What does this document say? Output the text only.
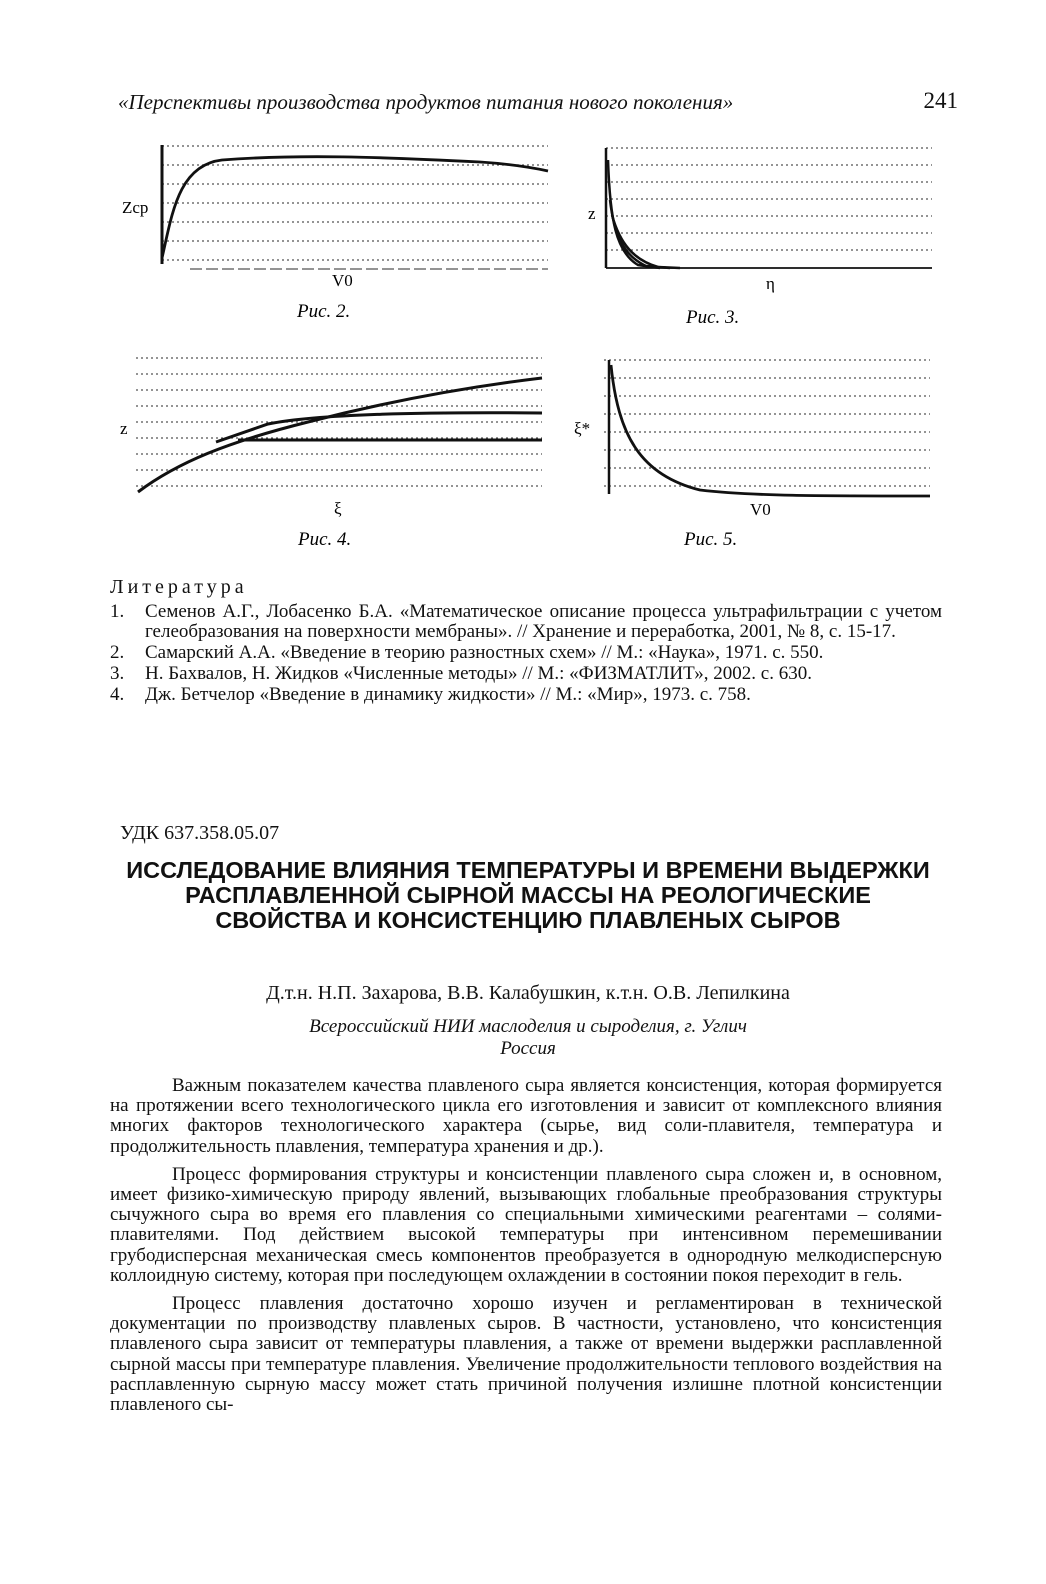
«Перспективы производства продуктов питания нового поколения»	241
Zcp
V0
Рис. 2.
z
η
Рис. 3.
z
ξ
Рис. 4.
ξ*
V0
Рис. 5.
Литература
1. Семенов А.Г., Лобасенко Б.А. «Математическое описание процесса ультрафильтрации с учетом гелеобразования на поверхности мембраны». // Хранение и переработка, 2001, № 8, с. 15-17.
2. Самарский А.А. «Введение в теорию разностных схем» // М.: «Наука», 1971. с. 550.
3. Н. Бахвалов, Н. Жидков «Численные методы» // М.: «ФИЗМАТЛИТ», 2002. с. 630.
4. Дж. Бетчелор «Введение в динамику жидкости» // М.: «Мир», 1973. с. 758.
УДК 637.358.05.07
ИССЛЕДОВАНИЕ ВЛИЯНИЯ ТЕМПЕРАТУРЫ И ВРЕМЕНИ ВЫДЕРЖКИ РАСПЛАВЛЕННОЙ СЫРНОЙ МАССЫ НА РЕОЛОГИЧЕСКИЕ СВОЙСТВА И КОНСИСТЕНЦИЮ ПЛАВЛЕНЫХ СЫРОВ
Д.т.н. Н.П. Захарова, В.В. Калабушкин, к.т.н. О.В. Лепилкина
Всероссийский НИИ маслоделия и сыроделия, г. Углич
Россия

Важным показателем качества плавленого сыра является консистенция, которая формируется на протяжении всего технологического цикла его изготовления и зависит от комплексного влияния многих факторов технологического характера (сырье, вид соли-плавителя, температура и продолжительность плавления, температура хранения и др.).

Процесс формирования структуры и консистенции плавленого сыра сложен и, в основном, имеет физико-химическую природу явлений, вызывающих глобальные преобразования структуры сычужного сыра во время его плавления со специальными химическими реагентами – солями-плавителями. Под действием высокой температуры при интенсивном перемешивании грубодисперсная механическая смесь компонентов преобразуется в однородную мелкодисперсную коллоидную систему, которая при последующем охлаждении в состоянии покоя переходит в гель.

Процесс плавления достаточно хорошо изучен и регламентирован в технической документации по производству плавленых сыров. В частности, установлено, что консистенция плавленого сыра зависит от температуры плавления, а также от времени выдержки расплавленной сырной массы при температуре плавления. Увеличение продолжительности теплового воздействия на расплавленную сырную массу может стать причиной получения излишне плотной консистенции плавленого сы-
